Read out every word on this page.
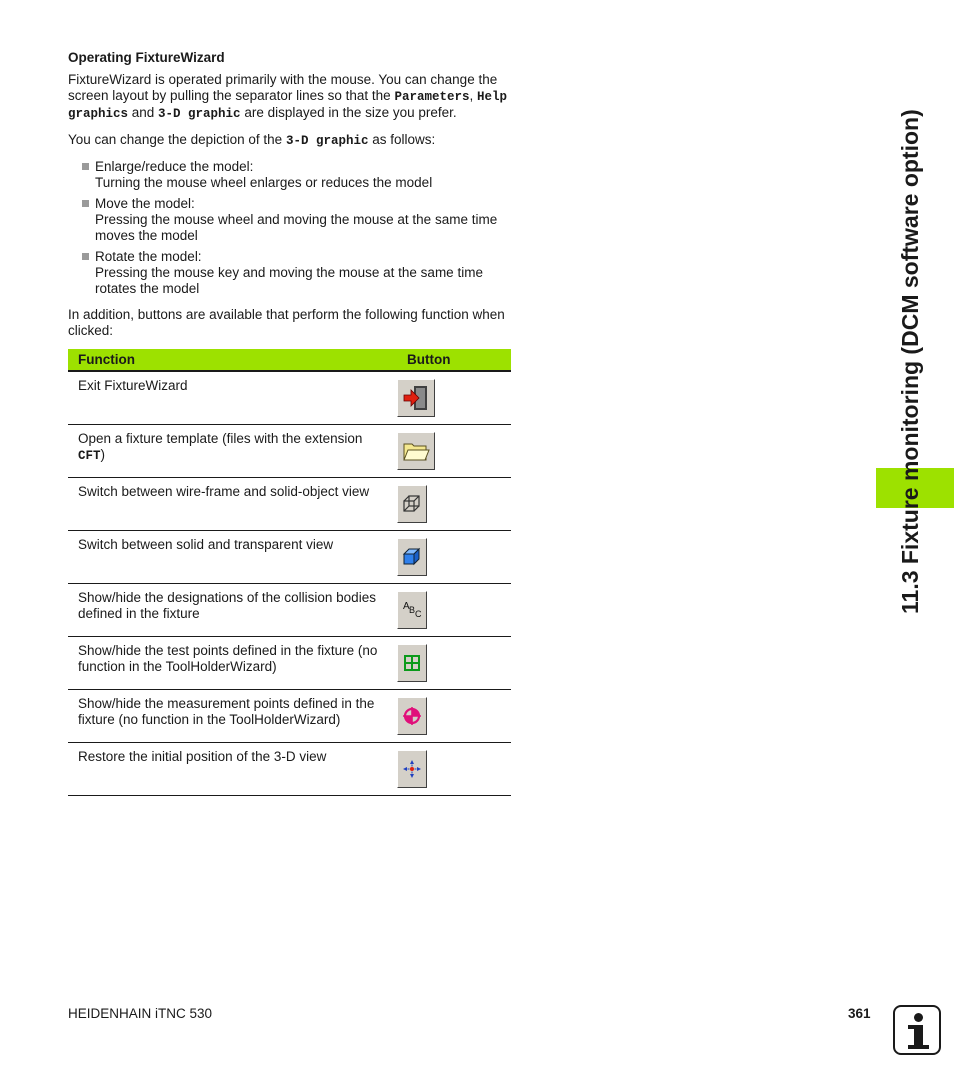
11.3 Fixture monitoring (DCM software option)
Operating FixtureWizard

FixtureWizard is operated primarily with the mouse. You can change the screen layout by pulling the separator lines so that the Parameters, Help graphics and 3-D graphic are displayed in the size you prefer.

You can change the depiction of the 3-D graphic as follows:

Enlarge/reduce the model:
Turning the mouse wheel enlarges or reduces the model
Move the model:
Pressing the mouse wheel and moving the mouse at the same time moves the model
Rotate the model:
Pressing the mouse key and moving the mouse at the same time rotates the model

In addition, buttons are available that perform the following function when clicked:

Function	Button
Exit FixtureWizard	

Open a fixture template (files with the extension CFT)	

Switch between wire-frame and solid-object view	

Switch between solid and transparent view	

Show/hide the designations of the collision bodies defined in the fixture	A B C

Show/hide the test points defined in the fixture (no function in the ToolHolderWizard)	

Show/hide the measurement points defined in the fixture (no function in the ToolHolderWizard)	

Restore the initial position of the 3-D view	
HEIDENHAIN iTNC 530	361
